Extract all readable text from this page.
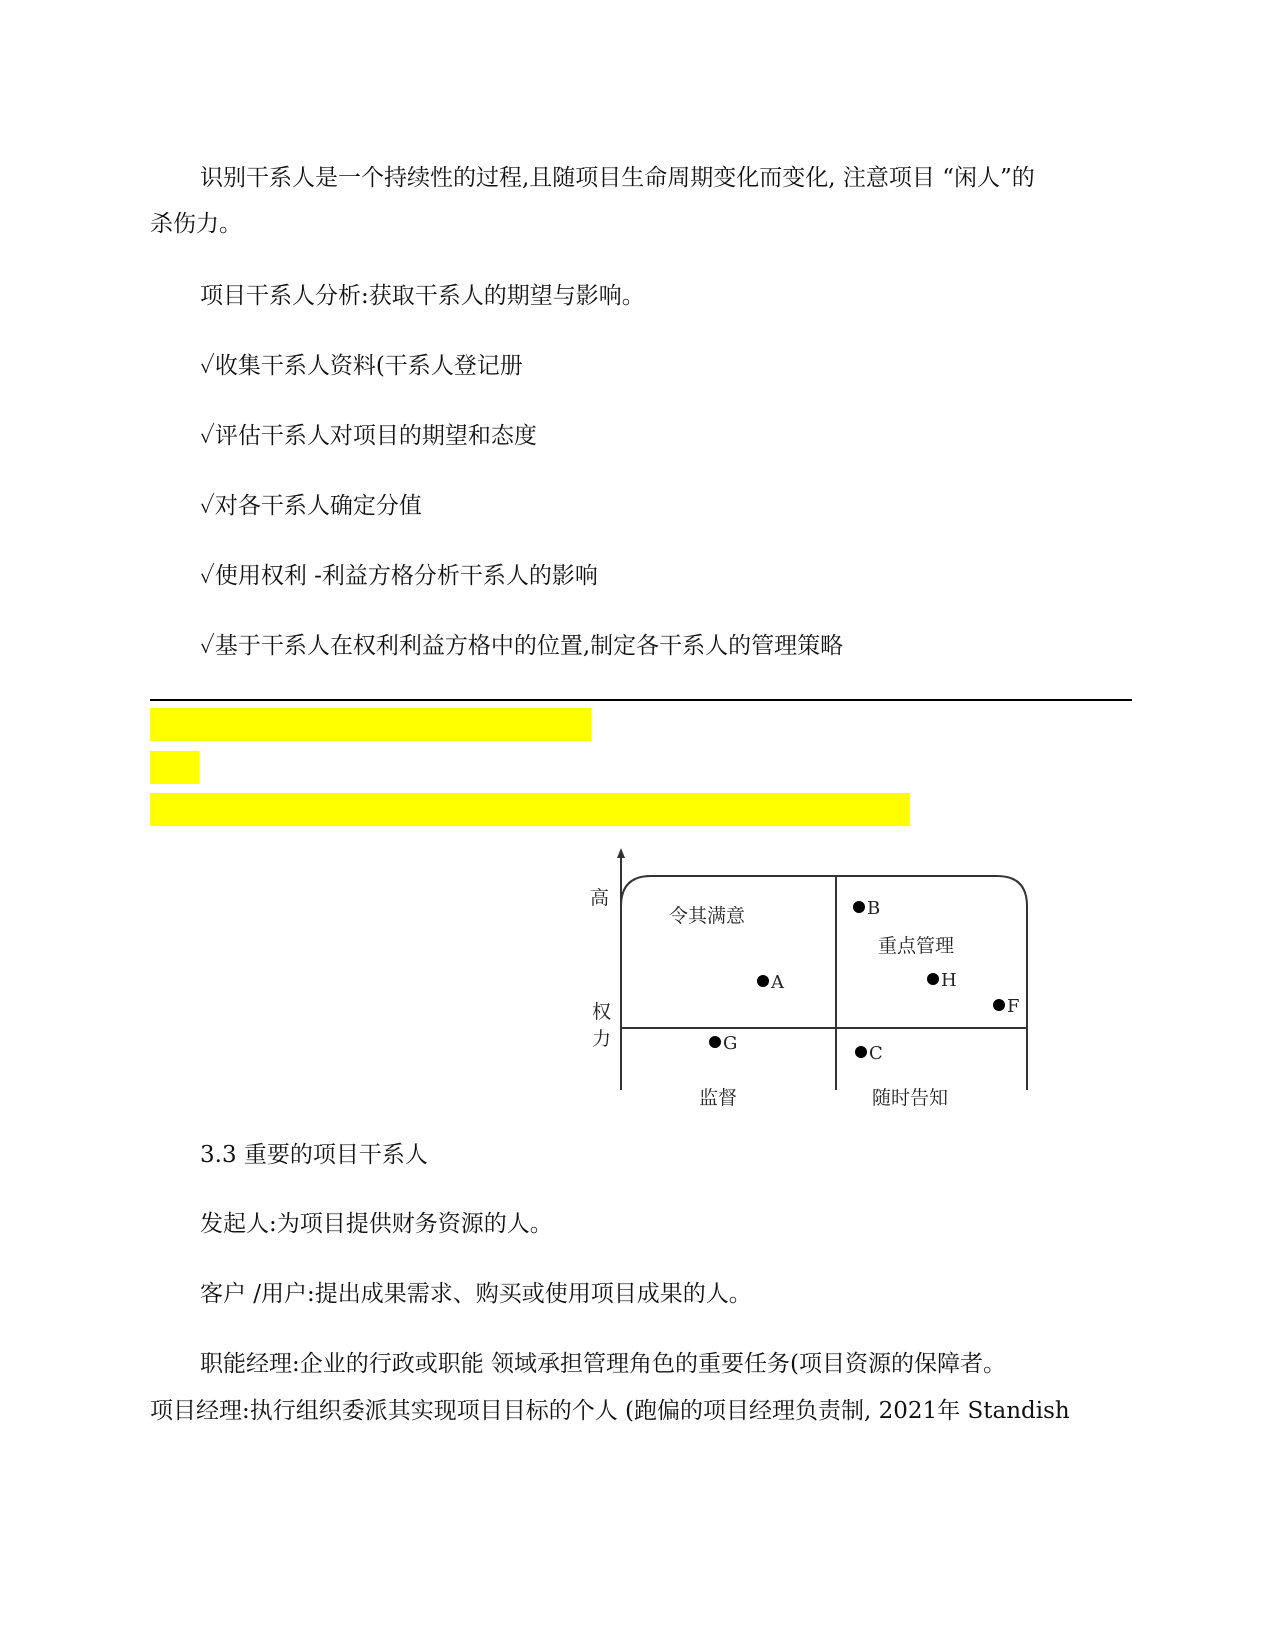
识别干系人是一个持续性的过程,且随项目生命周期变化而变化, 注意项目 “闲人”的

杀伤力。

项目干系人分析:获取干系人的期望与影响。

✓收集干系人资料(干系人登记册

✓评估干系人对项目的期望和态度

✓对各干系人确定分值

✓使用权利 -利益方格分析干系人的影响

✓基于干系人在权利利益方格中的位置,制定各干系人的管理策略

高
权
力
令其满意
重点管理
监督	随时告知
A
B
H
F
G	C

3.3 重要的项目干系人

发起人:为项目提供财务资源的人。

客户 /用户:提出成果需求、购买或使用项目成果的人。

职能经理:企业的行政或职能 领域承担管理角色的重要任务(项目资源的保障者。

项目经理:执行组织委派其实现项目目标的个人 (跑偏的项目经理负责制, 2021年 Standish
